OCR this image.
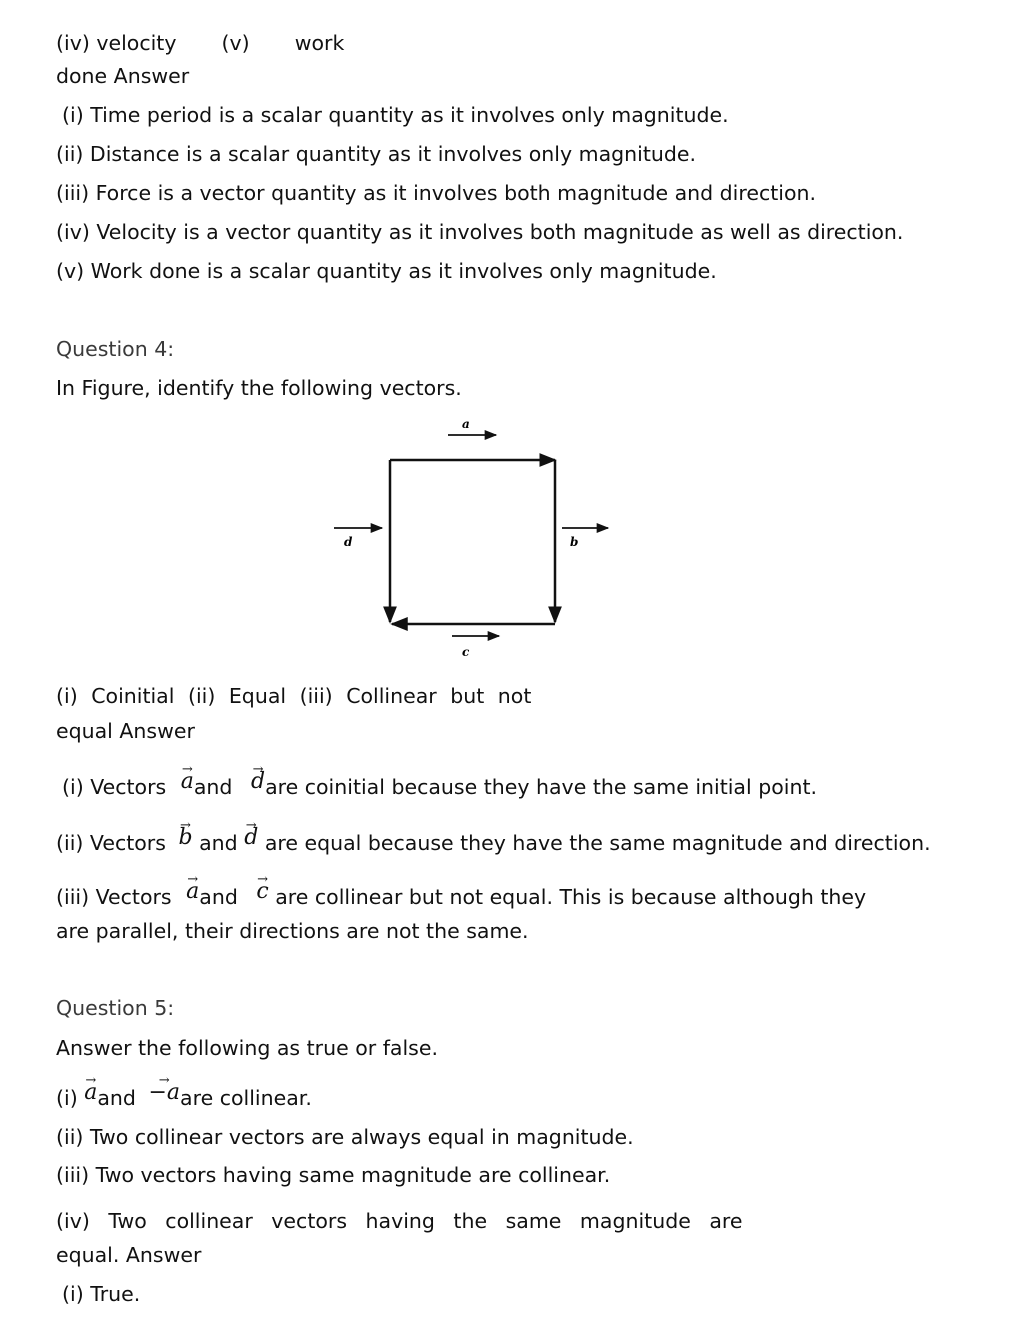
(iv) velocity (v) work
done Answer
(i) Time period is a scalar quantity as it involves only magnitude.
(ii) Distance is a scalar quantity as it involves only magnitude.
(iii) Force is a vector quantity as it involves both magnitude and direction.
(iv) Velocity is a vector quantity as it involves both magnitude as well as direction.
(v) Work done is a scalar quantity as it involves only magnitude.
Question 4:
In Figure, identify the following vectors.
a
b
c
d
(i) Coinitial (ii) Equal (iii) Collinear but not
equal Answer
(i) Vectors → aand → dare coinitial because they have the same initial point.
(ii) Vectors → b and → d are equal because they have the same magnitude and direction.
(iii) Vectors → aand → c are collinear but not equal. This is because although they
are parallel, their directions are not the same.
Question 5:
Answer the following as true or false.
(i) → aand → −aare collinear.
(ii) Two collinear vectors are always equal in magnitude.
(iii) Two vectors having same magnitude are collinear.
(iv) Two collinear vectors having the same magnitude are
equal. Answer
(i) True.
